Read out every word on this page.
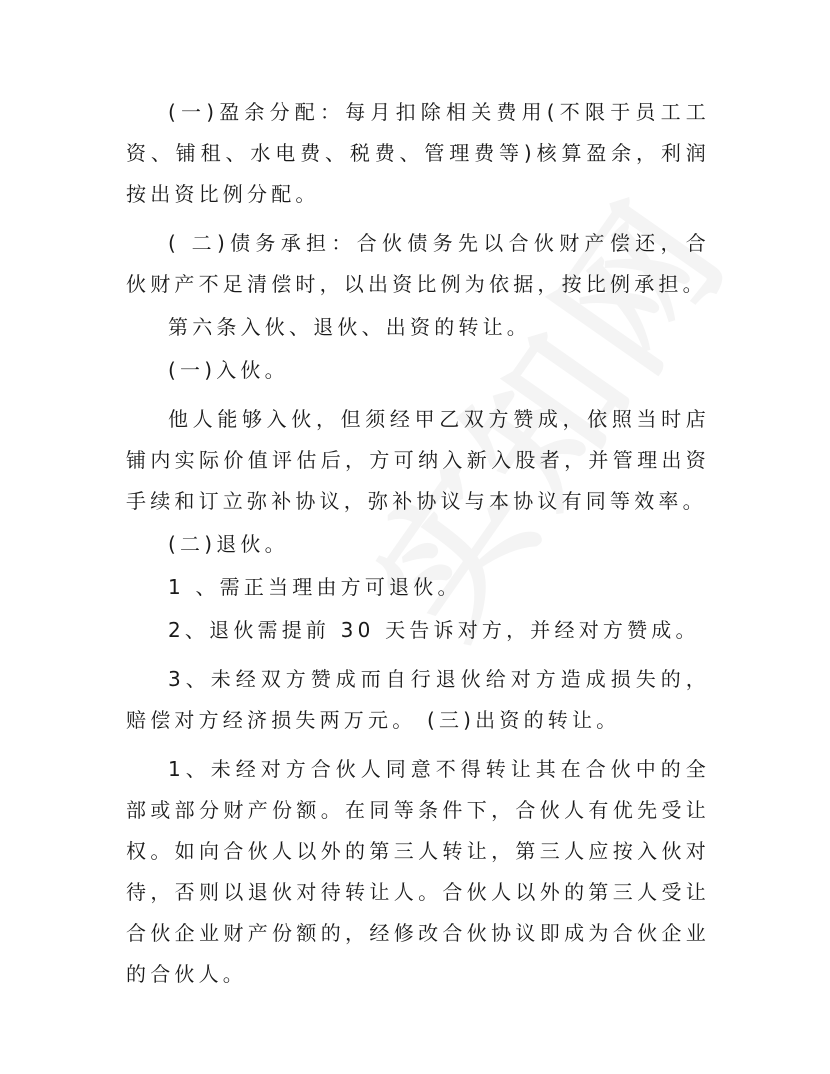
(一)盈余分配：每月扣除相关费用(不限于员工工资、铺租、水电费、税费、管理费等)核算盈余，利润按出资比例分配。

( 二)债务承担：合伙债务先以合伙财产偿还，合伙财产不足清偿时，以出资比例为依据，按比例承担。

第六条入伙、退伙、出资的转让。

(一)入伙。

他人能够入伙，但须经甲乙双方赞成，依照当时店铺内实际价值评估后，方可纳入新入股者，并管理出资手续和订立弥补协议，弥补协议与本协议有同等效率。

(二)退伙。

1 、需正当理由方可退伙。

2、退伙需提前 30 天告诉对方，并经对方赞成。

3、未经双方赞成而自行退伙给对方造成损失的，赔偿对方经济损失两万元。 (三)出资的转让。

1、未经对方合伙人同意不得转让其在合伙中的全部或部分财产份额。在同等条件下，合伙人有优先受让权。如向合伙人以外的第三人转让，第三人应按入伙对待，否则以退伙对待转让人。合伙人以外的第三人受让合伙企业财产份额的，经修改合伙协议即成为合伙企业的合伙人。
